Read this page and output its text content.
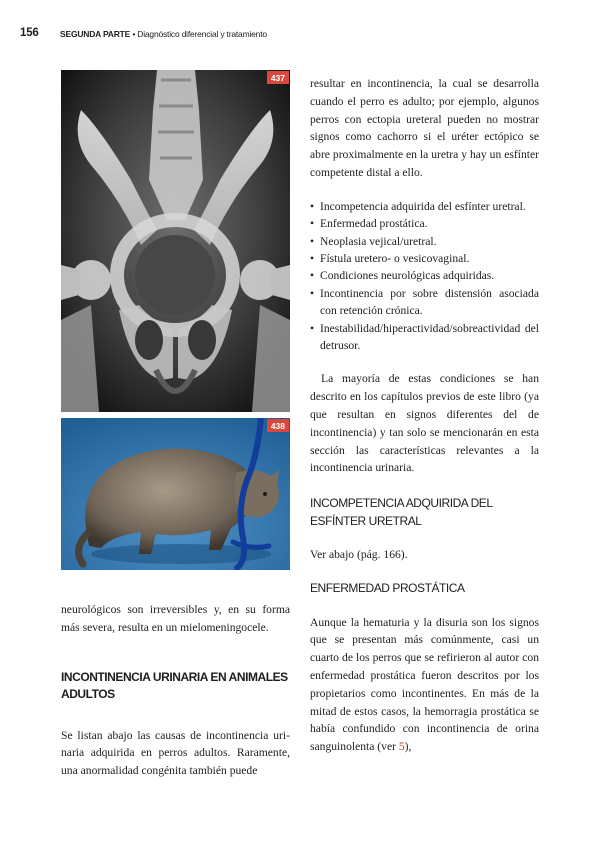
156	SEGUNDA PARTE • Diagnóstico diferencial y tratamiento
437
438

neurológicos son irreversibles y, en su forma más severa, resulta en un mielomeningocele.

INCONTINENCIA URINARIA EN ANIMALES ADULTOS

Se listan abajo las causas de incontinencia urinaria adquirida en perros adultos. Raramente, una anormalidad congénita también puede

resultar en incontinencia, la cual se desarrolla cuando el perro es adulto; por ejemplo, algunos perros con ectopia ureteral pueden no mostrar signos como cachorro si el uréter ectópico se abre proximalmente en la uretra y hay un esfínter competente distal a ello.

• Incompetencia adquirida del esfínter uretral.
• Enfermedad prostática.
• Neoplasia vejical/uretral.
• Fístula uretero- o vesicovaginal.
• Condiciones neurológicas adquiridas.
• Incontinencia por sobre distensión asociada con retención crónica.
• Inestabilidad/hiperactividad/sobreactividad del detrusor.

La mayoría de estas condiciones se han descrito en los capítulos previos de este libro (ya que resultan en signos diferentes del de incontinencia) y tan solo se mencionarán en esta sección las características relevantes a la incontinencia urinaria.

INCOMPETENCIA ADQUIRIDA DEL ESFÍNTER URETRAL

Ver abajo (pág. 166).

ENFERMEDAD PROSTÁTICA

Aunque la hematuria y la disuria son los signos que se presentan más comúnmente, casi un cuarto de los perros que se refirieron al autor con enfermedad prostática fueron descritos por los propietarios como incontinentes. En más de la mitad de estos casos, la hemorragia prostática se había confundido con incontinencia de orina sanguinolenta (ver 5),
